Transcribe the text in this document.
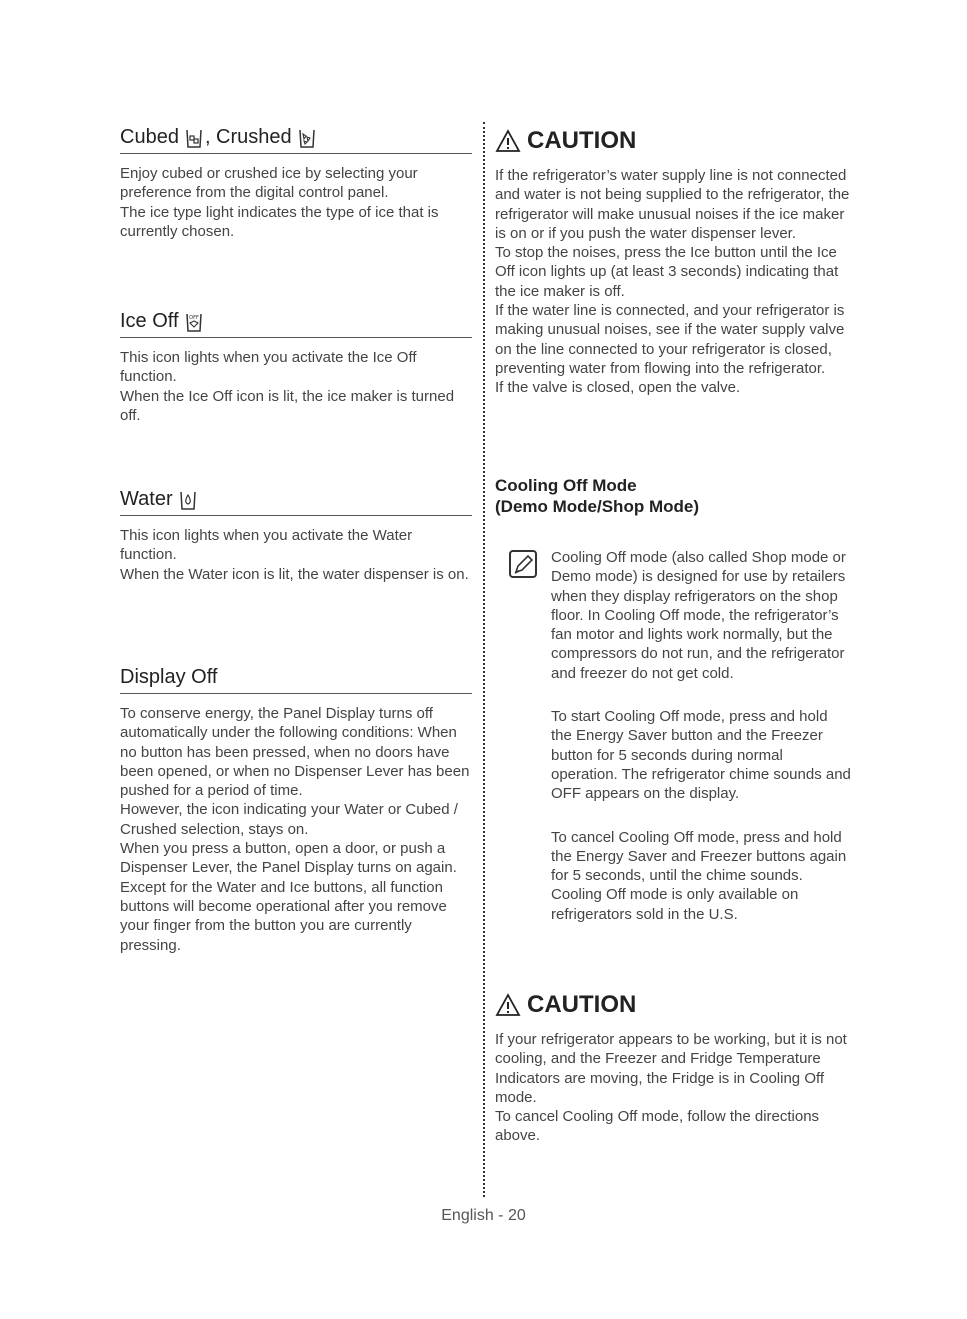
Cubed , Crushed

Enjoy cubed or crushed ice by selecting your preference from the digital control panel.

The ice type light indicates the type of ice that is currently chosen.

Ice Off OFF

This icon lights when you activate the Ice Off function.

When the Ice Off icon is lit, the ice maker is turned off.

Water

This icon lights when you activate the Water function.

When the Water icon is lit, the water dispenser is on.

Display Off

To conserve energy, the Panel Display turns off automatically under the following conditions: When no button has been pressed, when no doors have been opened, or when no Dispenser Lever has been pushed for a period of time.

However, the icon indicating your Water or Cubed / Crushed selection, stays on.

When you press a button, open a door, or push a Dispenser Lever, the Panel Display turns on again. Except for the Water and Ice buttons, all function buttons will become operational after you remove your finger from the button you are currently pressing.

CAUTION

If the refrigerator’s water supply line is not connected and water is not being supplied to the refrigerator, the refrigerator will make unusual noises if the ice maker is on or if you push the water dispenser lever.

To stop the noises, press the Ice button until the Ice Off icon lights up (at least 3 seconds) indicating that the ice maker is off.

If the water line is connected, and your refrigerator is making unusual noises, see if the water supply valve on the line connected to your refrigerator is closed, preventing water from flowing into the refrigerator.

If the valve is closed, open the valve.

Cooling Off Mode

(Demo Mode/Shop Mode)

Cooling Off mode (also called Shop mode or Demo mode) is designed for use by retailers when they display refrigerators on the shop floor. In Cooling Off mode, the refrigerator’s fan motor and lights work normally, but the compressors do not run, and the refrigerator and freezer do not get cold.

To start Cooling Off mode, press and hold the Energy Saver button and the Freezer button for 5 seconds during normal operation. The refrigerator chime sounds and OFF appears on the display.

To cancel Cooling Off mode, press and hold the Energy Saver and Freezer buttons again for 5 seconds, until the chime sounds. Cooling Off mode is only available on refrigerators sold in the U.S.

CAUTION

If your refrigerator appears to be working, but it is not cooling, and the Freezer and Fridge Temperature Indicators are moving, the Fridge is in Cooling Off mode.

To cancel Cooling Off mode, follow the directions above.

English - 20
